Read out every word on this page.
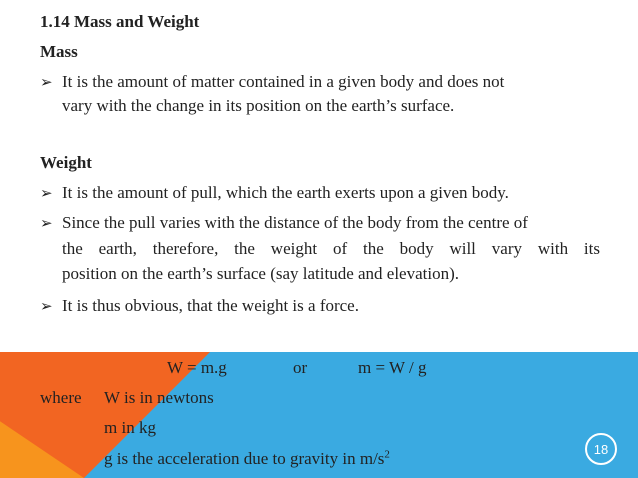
1.14 Mass and Weight
Mass
➢ It is the amount of matter contained in a given body and does not
vary with the change in its position on the earth’s surface.
Weight
➢ It is the amount of pull, which the earth exerts upon a given body.
➢ Since the pull varies with the distance of the body from the centre of
the earth, therefore, the weight of the body will vary with its
position on the earth’s surface (say latitude and elevation).
➢ It is thus obvious, that the weight is a force.
W = m.g	or	m = W / g
where W is in newtons
m in kg
g is the acceleration due to gravity in $m/s^2$	18
